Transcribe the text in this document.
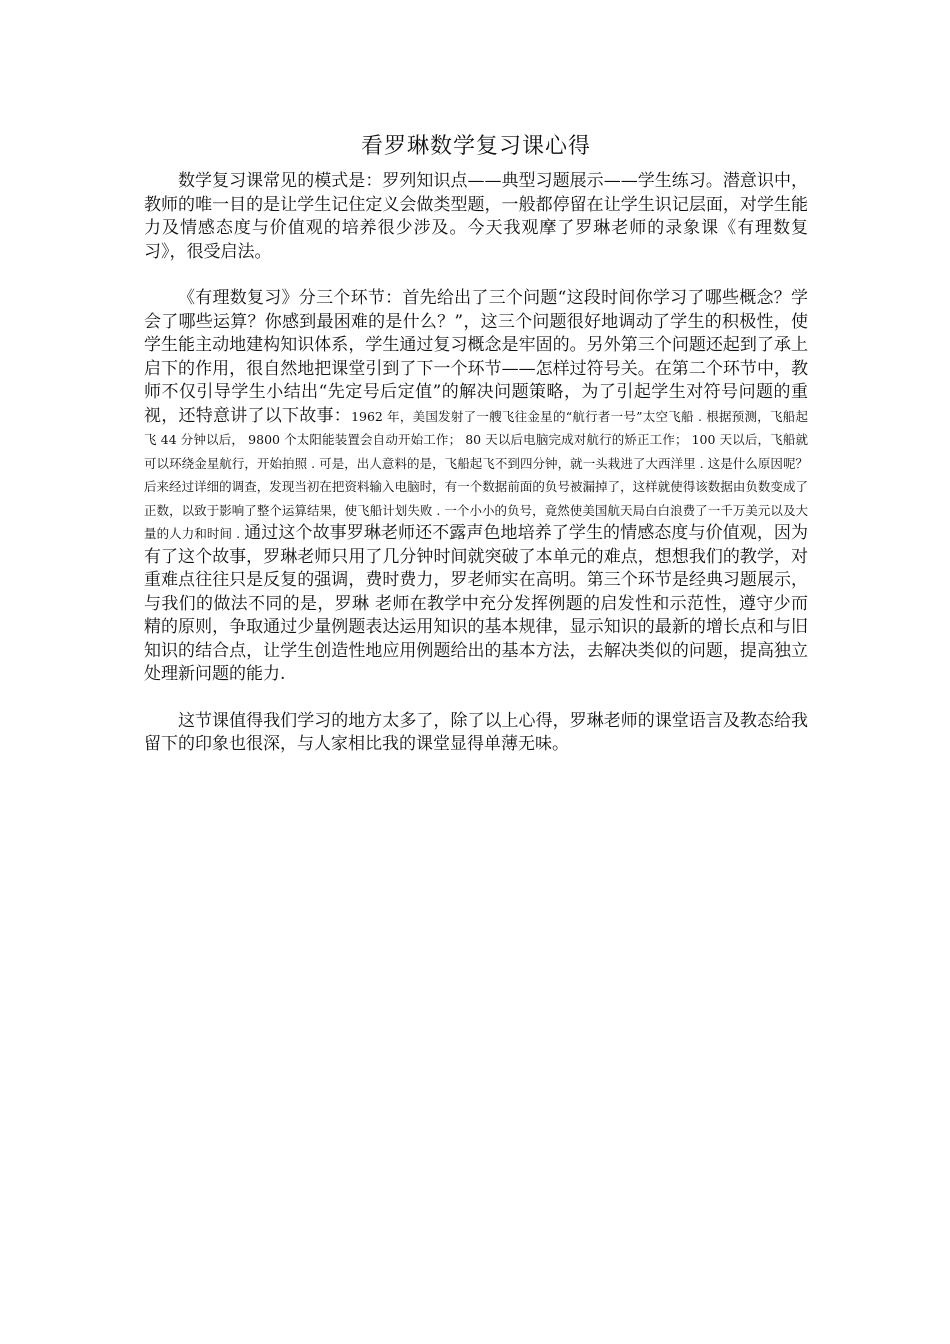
看罗琳数学复习课心得

数学复习课常见的模式是：罗列知识点——典型习题展示——学生练习。潜意识中，教师的唯一目的是让学生记住定义会做类型题，一般都停留在让学生识记层面，对学生能力及情感态度与价值观的培养很少涉及。今天我观摩了罗琳老师的录象课《有理数复习》，很受启法。

《有理数复习》分三个环节：首先给出了三个问题“这段时间你学习了哪些概念？学会了哪些运算？你感到最困难的是什么？”，这三个问题很好地调动了学生的积极性，使学生能主动地建构知识体系，学生通过复习概念是牢固的。另外第三个问题还起到了承上启下的作用，很自然地把课堂引到了下一个环节——怎样过符号关。在第二个环节中，教师不仅引导学生小结出“先定号后定值”的解决问题策略，为了引起学生对符号问题的重视，还特意讲了以下故事：1962 年，美国发射了一艘飞往金星的“航行者一号”太空飞船 . 根据预测，飞船起飞 44 分钟以后， 9800 个太阳能装置会自动开始工作； 80 天以后电脑完成对航行的矫正工作； 100 天以后，飞船就可以环绕金星航行，开始拍照 . 可是，出人意料的是，飞船起飞不到四分钟，就一头栽进了大西洋里 . 这是什么原因呢？后来经过详细的调查，发现当初在把资料输入电脑时，有一个数据前面的负号被漏掉了，这样就使得该数据由负数变成了正数，以致于影响了整个运算结果，使飞船计划失败 . 一个小小的负号，竟然使美国航天局白白浪费了一千万美元以及大量的人力和时间 . 通过这个故事罗琳老师还不露声色地培养了学生的情感态度与价值观，因为有了这个故事，罗琳老师只用了几分钟时间就突破了本单元的难点，想想我们的教学，对重难点往往只是反复的强调，费时费力，罗老师实在高明。第三个环节是经典习题展示，与我们的做法不同的是，罗琳 老师在教学中充分发挥例题的启发性和示范性，遵守少而精的原则，争取通过少量例题表达运用知识的基本规律，显示知识的最新的增长点和与旧知识的结合点，让学生创造性地应用例题给出的基本方法，去解决类似的问题，提高独立处理新问题的能力.

这节课值得我们学习的地方太多了，除了以上心得，罗琳老师的课堂语言及教态给我留下的印象也很深，与人家相比我的课堂显得单薄无味。
